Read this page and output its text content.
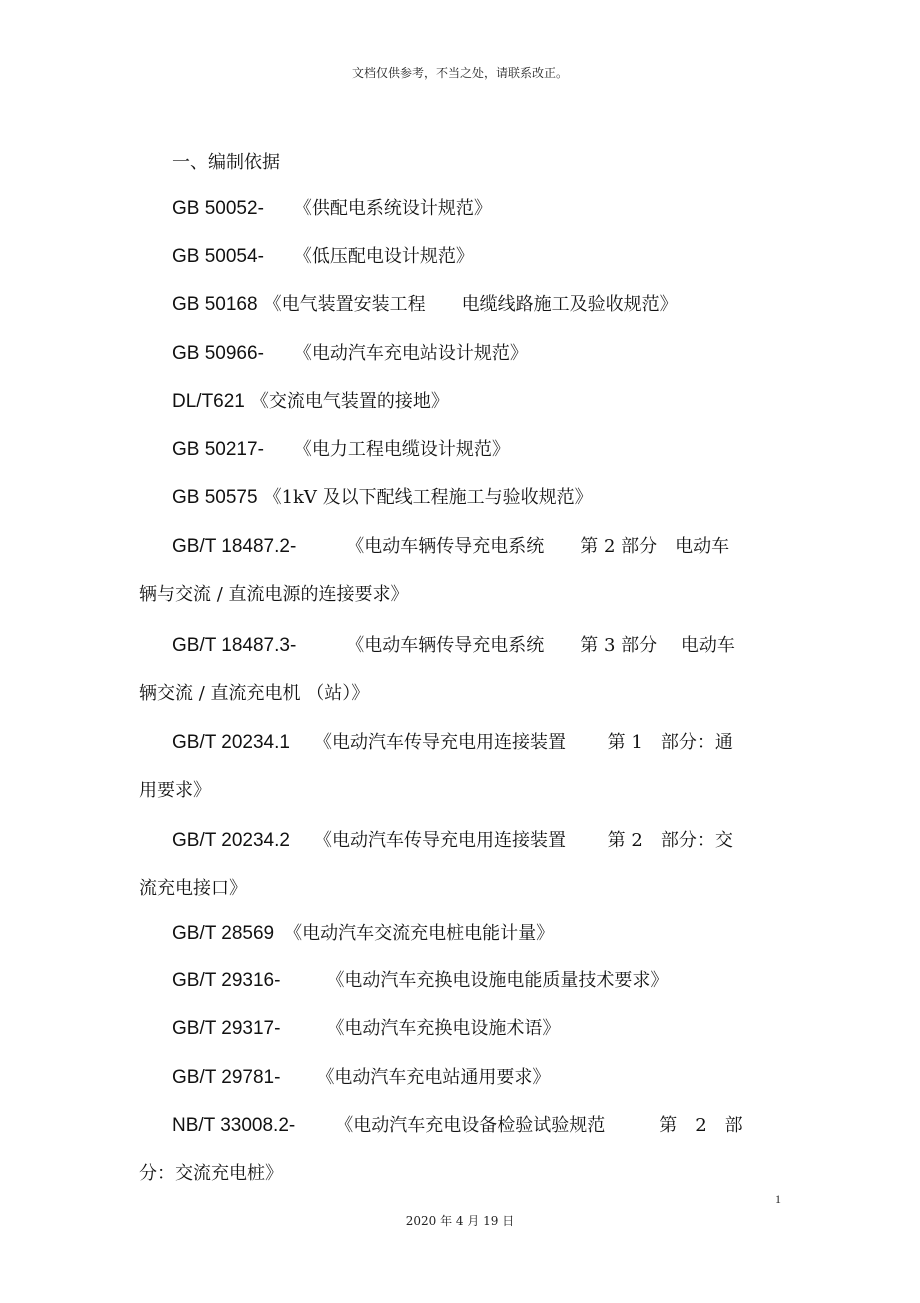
文档仅供参考，不当之处，请联系改正。
一、编制依据
GB 50052- 《供配电系统设计规范》
GB 50054- 《低压配电设计规范》
GB 50168 《电气装置安装工程　　电缆线路施工及验收规范》
GB 50966- 《电动汽车充电站设计规范》
DL/T621 《交流电气装置的接地》
GB 50217- 《电力工程电缆设计规范》
GB 50575 《1kV 及以下配线工程施工与验收规范》
GB/T 18487.2-	《电动车辆传导充电系统　　第 2 部分　电动车
辆与交流 / 直流电源的连接要求》
GB/T 18487.3-	《电动车辆传导充电系统　　第 3 部分　 电动车
辆交流 / 直流充电机 （站）》
GB/T 20234.1 《电动汽车传导充电用连接装置　　 第 1　部分：通
用要求》
GB/T 20234.2 《电动汽车传导充电用连接装置　　 第 2　部分：交
流充电接口》
GB/T 28569 《电动汽车交流充电桩电能计量》
GB/T 29316-	《电动汽车充换电设施电能质量技术要求》
GB/T 29317-	《电动汽车充换电设施术语》
GB/T 29781- 《电动汽车充电站通用要求》
NB/T 33008.2- 《电动汽车充电设备检验试验规范　　　第　2　部
分：交流充电桩》
1
2020 年 4 月 19 日
